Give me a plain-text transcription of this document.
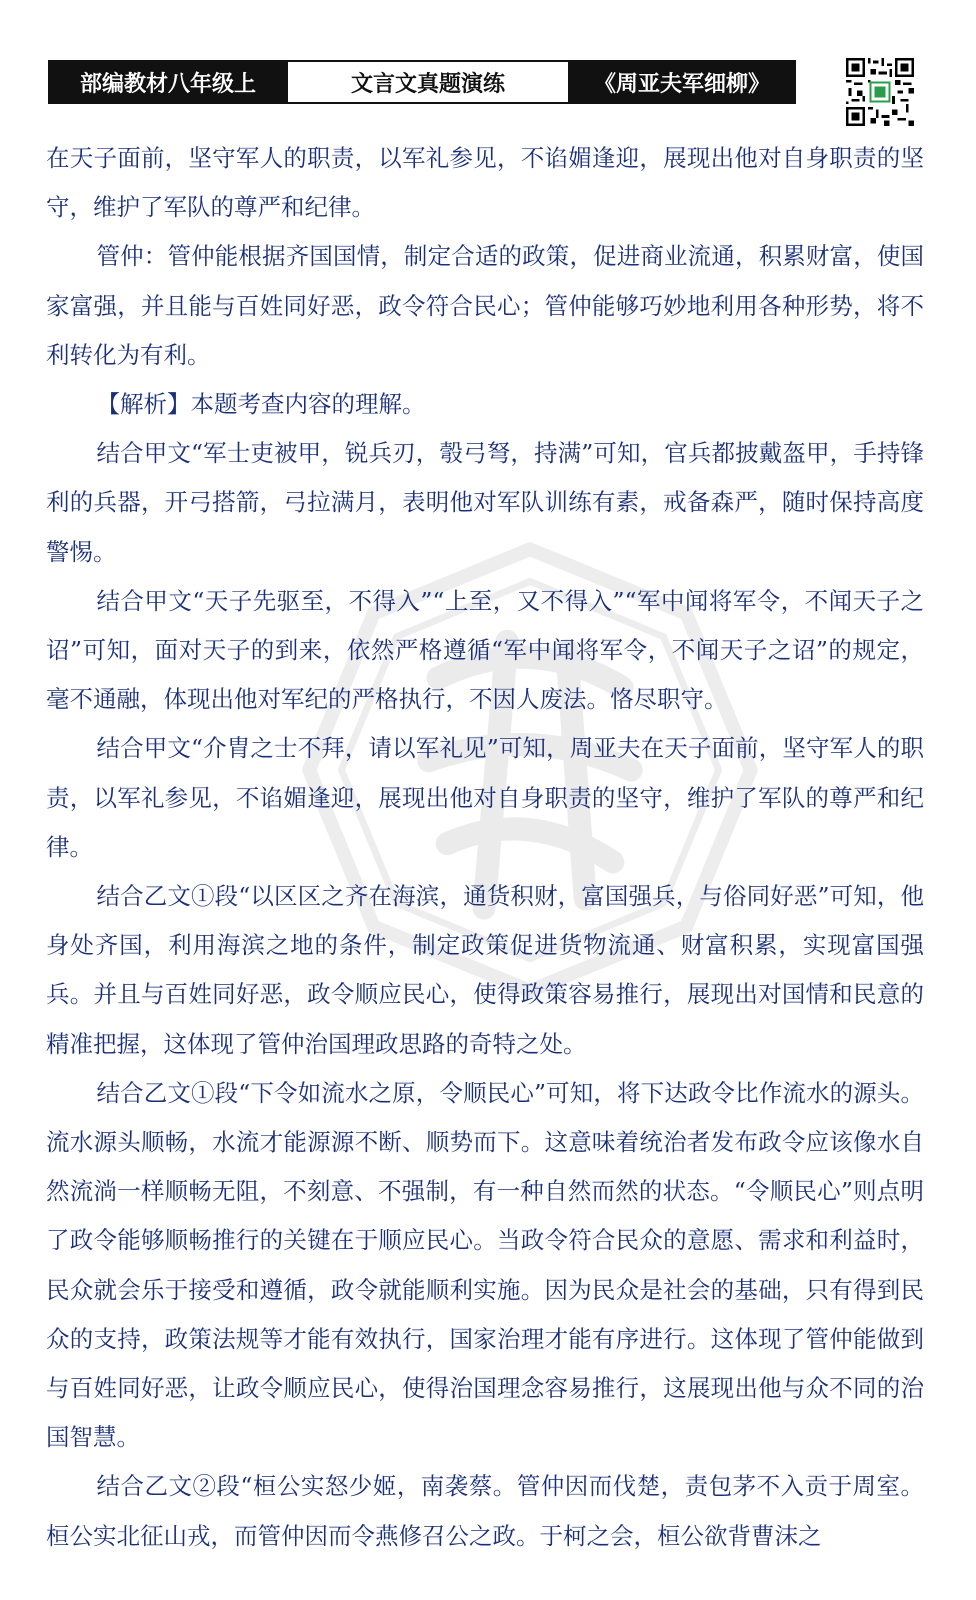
部编教材八年级上	文言文真题演练	《周亚夫军细柳》

在天子面前，坚守军人的职责，以军礼参见，不谄媚逢迎，展现出他对自身职责的坚守，维护了军队的尊严和纪律。

管仲：管仲能根据齐国国情，制定合适的政策，促进商业流通，积累财富，使国家富强，并且能与百姓同好恶，政令符合民心；管仲能够巧妙地利用各种形势，将不利转化为有利。

【解析】本题考查内容的理解。

结合甲文“军士吏被甲，锐兵刃，彀弓弩，持满”可知，官兵都披戴盔甲，手持锋利的兵器，开弓搭箭，弓拉满月，表明他对军队训练有素，戒备森严，随时保持高度警惕。

结合甲文“天子先驱至，不得入”“上至，又不得入”“军中闻将军令，不闻天子之诏”可知，面对天子的到来，依然严格遵循“军中闻将军令，不闻天子之诏”的规定，毫不通融，体现出他对军纪的严格执行，不因人废法。恪尽职守。

结合甲文“介胄之士不拜，请以军礼见”可知，周亚夫在天子面前，坚守军人的职责，以军礼参见，不谄媚逢迎，展现出他对自身职责的坚守，维护了军队的尊严和纪律。

结合乙文①段“以区区之齐在海滨，通货积财，富国强兵，与俗同好恶”可知，他身处齐国，利用海滨之地的条件，制定政策促进货物流通、财富积累，实现富国强兵。并且与百姓同好恶，政令顺应民心，使得政策容易推行，展现出对国情和民意的精准把握，这体现了管仲治国理政思路的奇特之处。

结合乙文①段“下令如流水之原，令顺民心”可知，将下达政令比作流水的源头。流水源头顺畅，水流才能源源不断、顺势而下。这意味着统治者发布政令应该像水自然流淌一样顺畅无阻，不刻意、不强制，有一种自然而然的状态。“令顺民心”则点明了政令能够顺畅推行的关键在于顺应民心。当政令符合民众的意愿、需求和利益时，民众就会乐于接受和遵循，政令就能顺利实施。因为民众是社会的基础，只有得到民众的支持，政策法规等才能有效执行，国家治理才能有序进行。这体现了管仲能做到与百姓同好恶，让政令顺应民心，使得治国理念容易推行，这展现出他与众不同的治国智慧。

结合乙文②段“桓公实怒少姬，南袭蔡。管仲因而伐楚，责包茅不入贡于周室。桓公实北征山戎，而管仲因而令燕修召公之政。于柯之会，桓公欲背曹沫之
